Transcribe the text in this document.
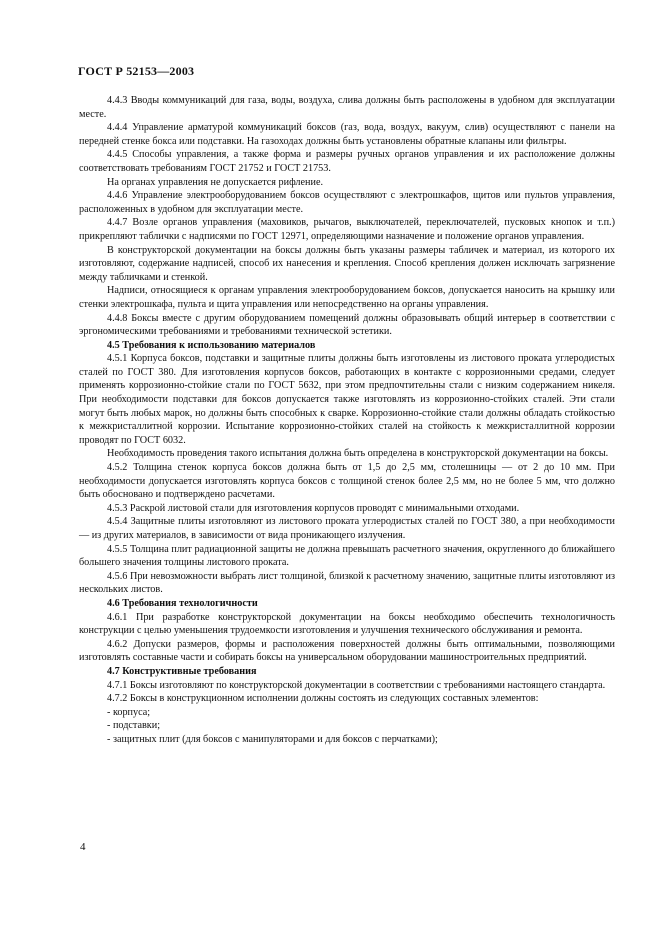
ГОСТ Р 52153—2003

4.4.3 Вводы коммуникаций для газа, воды, воздуха, слива должны быть расположены в удобном для эксплуатации месте.

4.4.4 Управление арматурой коммуникаций боксов (газ, вода, воздух, вакуум, слив) осуществляют с панели на передней стенке бокса или подставки. На газоходах должны быть установлены обратные клапаны или фильтры.

4.4.5 Способы управления, а также форма и размеры ручных органов управления и их расположение должны соответствовать требованиям ГОСТ 21752 и ГОСТ 21753.

На органах управления не допускается рифление.

4.4.6 Управление электрооборудованием боксов осуществляют с электрошкафов, щитов или пультов управления, расположенных в удобном для эксплуатации месте.

4.4.7 Возле органов управления (маховиков, рычагов, выключателей, переключателей, пусковых кнопок и т.п.) прикрепляют таблички с надписями по ГОСТ 12971, определяющими назначение и положение органов управления.

В конструкторской документации на боксы должны быть указаны размеры табличек и материал, из которого их изготовляют, содержание надписей, способ их нанесения и крепления. Способ крепления должен исключать загрязнение между табличками и стенкой.

Надписи, относящиеся к органам управления электрооборудованием боксов, допускается наносить на крышку или стенки электрошкафа, пульта и щита управления или непосредственно на органы управления.

4.4.8 Боксы вместе с другим оборудованием помещений должны образовывать общий интерьер в соответствии с эргономическими требованиями и требованиями технической эстетики.

4.5 Требования к использованию материалов

4.5.1 Корпуса боксов, подставки и защитные плиты должны быть изготовлены из листового проката углеродистых сталей по ГОСТ 380. Для изготовления корпусов боксов, работающих в контакте с коррозионными средами, следует применять коррозионно-стойкие стали по ГОСТ 5632, при этом предпочтительны стали с низким содержанием никеля. При необходимости подставки для боксов допускается также изготовлять из коррозионно-стойких сталей. Эти стали могут быть любых марок, но должны быть способных к сварке. Коррозионно-стойкие стали должны обладать стойкостью к межкристаллитной коррозии. Испытание коррозионно-стойких сталей на стойкость к межкристаллитной коррозии проводят по ГОСТ 6032.

Необходимость проведения такого испытания должна быть определена в конструкторской документации на боксы.

4.5.2 Толщина стенок корпуса боксов должна быть от 1,5 до 2,5 мм, столешницы — от 2 до 10 мм. При необходимости допускается изготовлять корпуса боксов с толщиной стенок более 2,5 мм, но не более 5 мм, что должно быть обосновано и подтверждено расчетами.

4.5.3 Раскрой листовой стали для изготовления корпусов проводят с минимальными отходами.

4.5.4 Защитные плиты изготовляют из листового проката углеродистых сталей по ГОСТ 380, а при необходимости — из других материалов, в зависимости от вида проникающего излучения.

4.5.5 Толщина плит радиационной защиты не должна превышать расчетного значения, округленного до ближайшего большего значения толщины листового проката.

4.5.6 При невозможности выбрать лист толщиной, близкой к расчетному значению, защитные плиты изготовляют из нескольких листов.

4.6 Требования технологичности

4.6.1 При разработке конструкторской документации на боксы необходимо обеспечить технологичность конструкции с целью уменьшения трудоемкости изготовления и улучшения технического обслуживания и ремонта.

4.6.2 Допуски размеров, формы и расположения поверхностей должны быть оптимальными, позволяющими изготовлять составные части и собирать боксы на универсальном оборудовании машиностроительных предприятий.

4.7 Конструктивные требования

4.7.1 Боксы изготовляют по конструкторской документации в соответствии с требованиями настоящего стандарта.

4.7.2 Боксы в конструкционном исполнении должны состоять из следующих составных элементов:

- корпуса;

- подставки;

- защитных плит (для боксов с манипуляторами и для боксов с перчатками);

4
